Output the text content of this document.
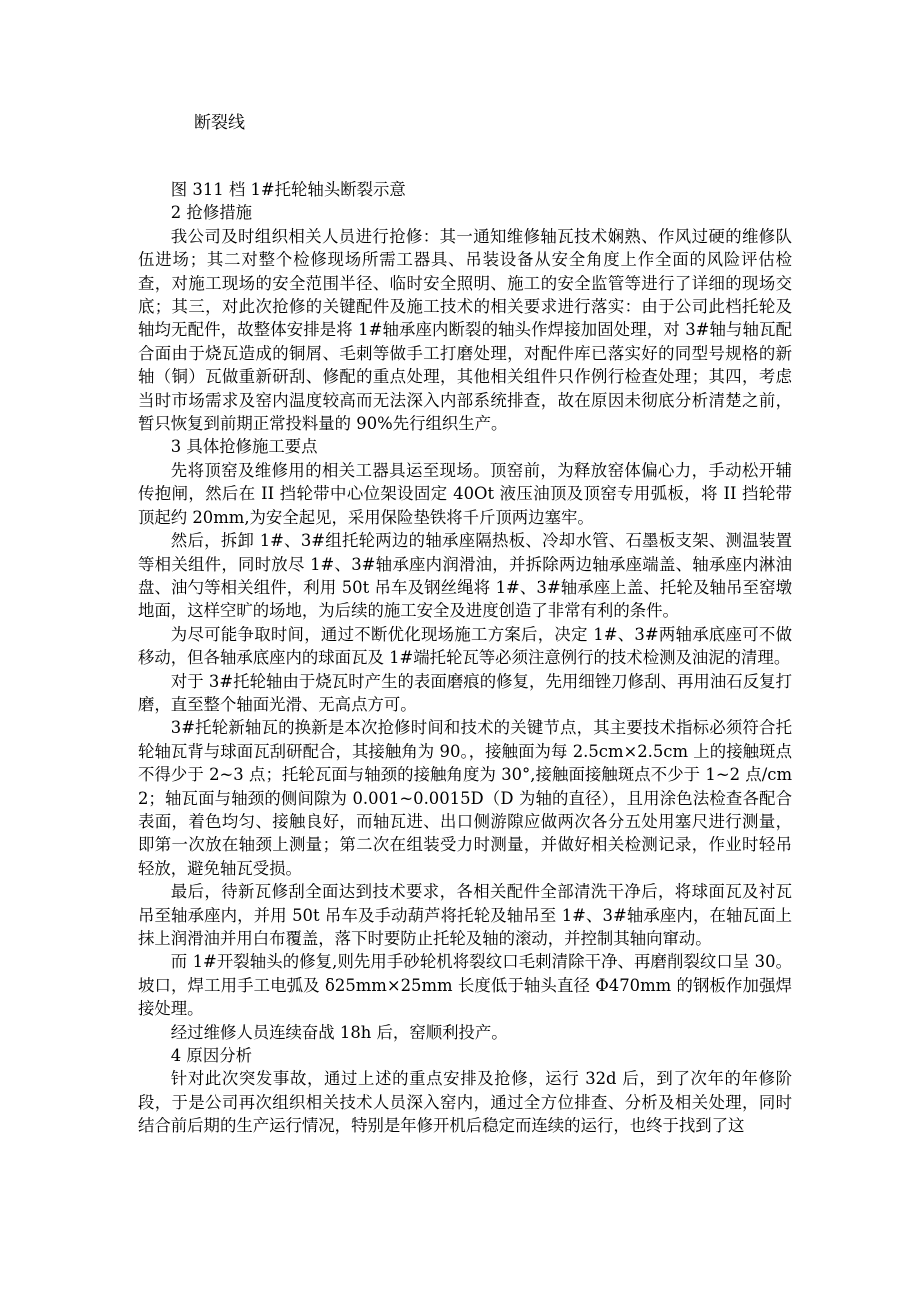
断裂线

图 311 档 1#托轮轴头断裂示意

2 抢修措施

我公司及时组织相关人员进行抢修：其一通知维修轴瓦技术娴熟、作风过硬的维修队伍进场；其二对整个检修现场所需工器具、吊装设备从安全角度上作全面的风险评估检查，对施工现场的安全范围半径、临时安全照明、施工的安全监管等进行了详细的现场交底；其三，对此次抢修的关键配件及施工技术的相关要求进行落实：由于公司此档托轮及轴均无配件，故整体安排是将 1#轴承座内断裂的轴头作焊接加固处理，对 3#轴与轴瓦配合面由于烧瓦造成的铜屑、毛刺等做手工打磨处理，对配件库已落实好的同型号规格的新轴（铜）瓦做重新研刮、修配的重点处理，其他相关组件只作例行检查处理；其四，考虑当时市场需求及窑内温度较高而无法深入内部系统排查，故在原因未彻底分析清楚之前，暂只恢复到前期正常投料量的 90%先行组织生产。

3 具体抢修施工要点

先将顶窑及维修用的相关工器具运至现场。顶窑前，为释放窑体偏心力，手动松开辅传抱闸，然后在 II 挡轮带中心位架设固定 40Ot 液压油顶及顶窑专用弧板，将 II 挡轮带顶起约 20mm,为安全起见，采用保险垫铁将千斤顶两边塞牢。

然后，拆卸 1#、3#组托轮两边的轴承座隔热板、冷却水管、石墨板支架、测温装置等相关组件，同时放尽 1#、3#轴承座内润滑油，并拆除两边轴承座端盖、轴承座内淋油盘、油勺等相关组件，利用 50t 吊车及钢丝绳将 1#、3#轴承座上盖、托轮及轴吊至窑墩地面，这样空旷的场地，为后续的施工安全及进度创造了非常有利的条件。

为尽可能争取时间，通过不断优化现场施工方案后，决定 1#、3#两轴承底座可不做移动，但各轴承底座内的球面瓦及 1#端托轮瓦等必须注意例行的技术检测及油泥的清理。

对于 3#托轮轴由于烧瓦时产生的表面磨痕的修复，先用细锉刀修刮、再用油石反复打磨，直至整个轴面光滑、无高点方可。

3#托轮新轴瓦的换新是本次抢修时间和技术的关键节点，其主要技术指标必须符合托轮轴瓦背与球面瓦刮研配合，其接触角为 90。，接触面为每 2.5cm×2.5cm 上的接触斑点不得少于 2~3 点；托轮瓦面与轴颈的接触角度为 30°,接触面接触斑点不少于 1~2 点/cm2；轴瓦面与轴颈的侧间隙为 0.001~0.0015D（D 为轴的直径），且用涂色法检查各配合表面，着色均匀、接触良好，而轴瓦进、出口侧游隙应做两次各分五处用塞尺进行测量，即第一次放在轴颈上测量；第二次在组装受力时测量，并做好相关检测记录，作业时轻吊轻放，避免轴瓦受损。

最后，待新瓦修刮全面达到技术要求，各相关配件全部清洗干净后，将球面瓦及衬瓦吊至轴承座内，并用 50t 吊车及手动葫芦将托轮及轴吊至 1#、3#轴承座内，在轴瓦面上抹上润滑油并用白布覆盖，落下时要防止托轮及轴的滚动，并控制其轴向窜动。

而 1#开裂轴头的修复,则先用手砂轮机将裂纹口毛刺清除干净、再磨削裂纹口呈 30。坡口，焊工用手工电弧及 δ25mm×25mm 长度低于轴头直径 Φ470mm 的钢板作加强焊接处理。

经过维修人员连续奋战 18h 后，窑顺利投产。

4 原因分析

针对此次突发事故，通过上述的重点安排及抢修，运行 32d 后，到了次年的年修阶段，于是公司再次组织相关技术人员深入窑内，通过全方位排查、分析及相关处理，同时结合前后期的生产运行情况，特别是年修开机后稳定而连续的运行，也终于找到了这
